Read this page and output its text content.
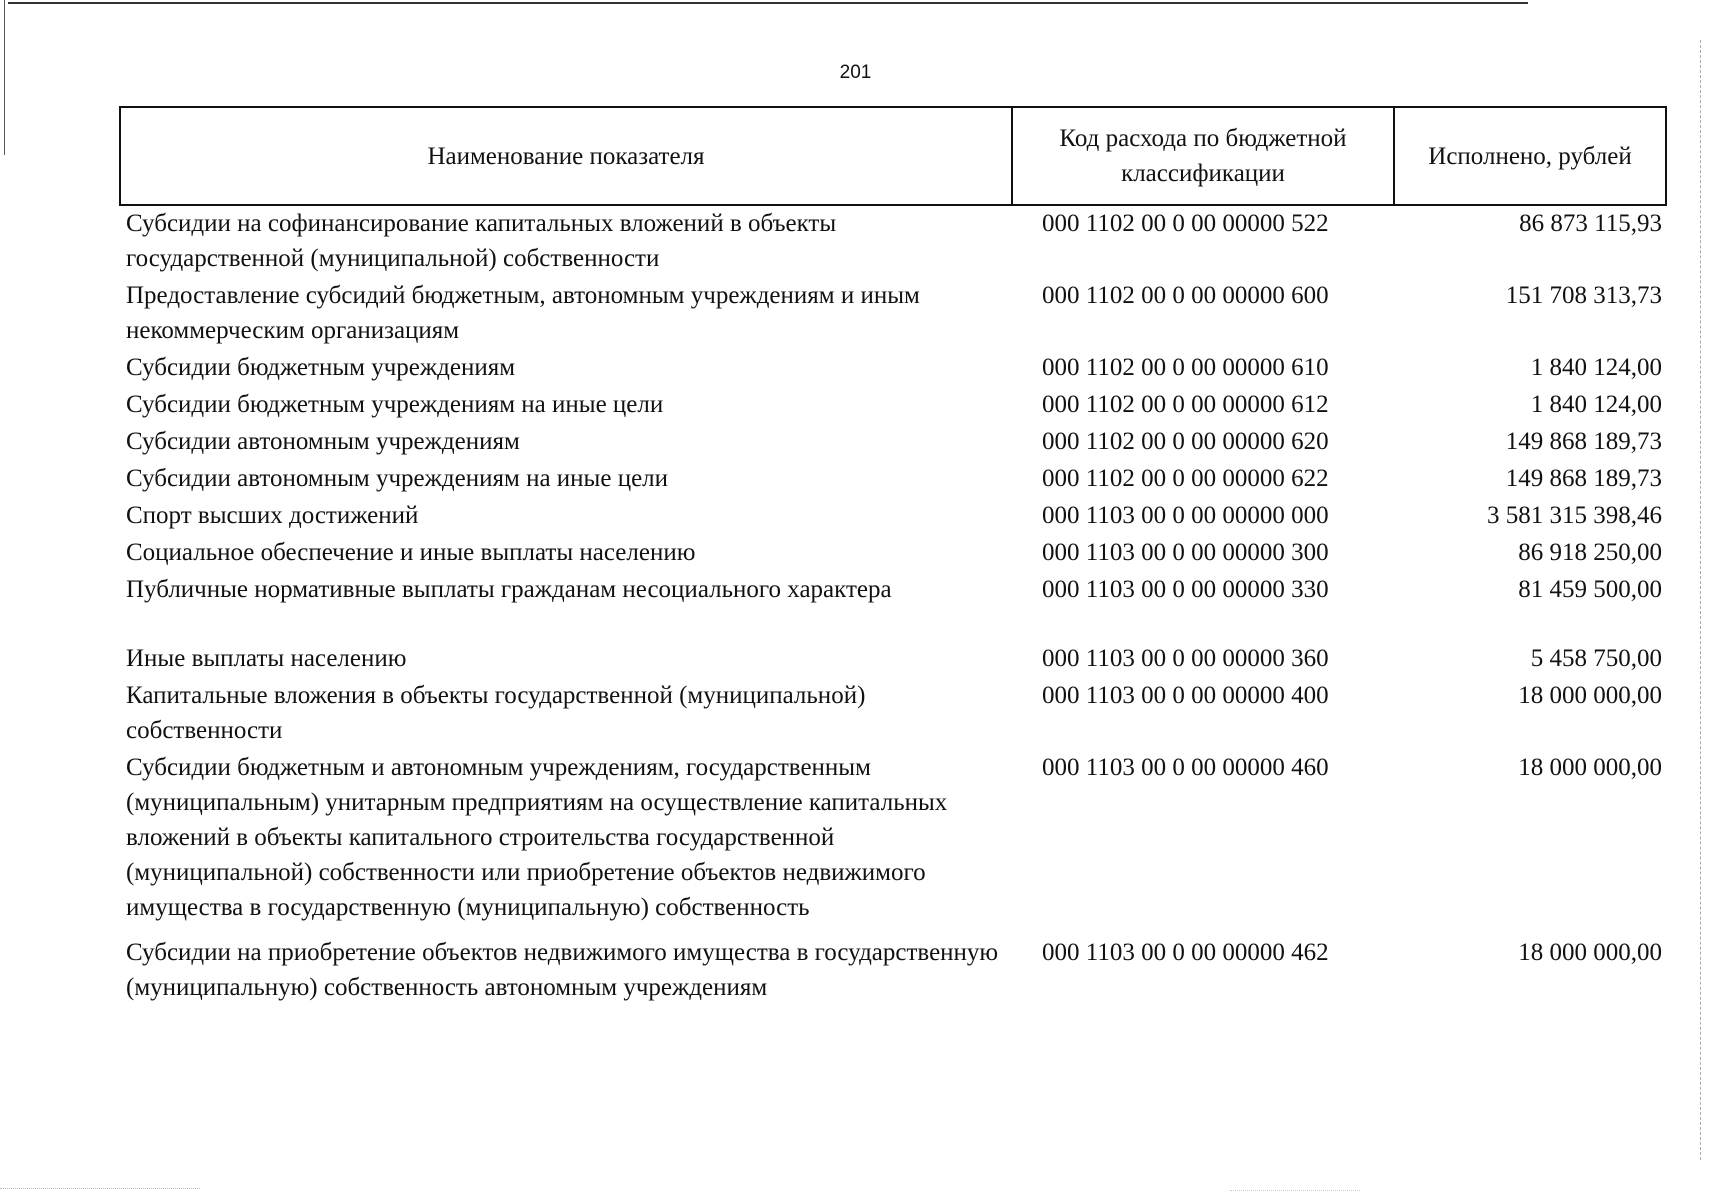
201
Наименование показателя	Код расхода по бюджетной классификации	Исполнено, рублей
Субсидии на софинансирование капитальных вложений в объекты государственной (муниципальной) собственности	000 1102 00 0 00 00000 522	86 873 115,93
Предоставление субсидий бюджетным, автономным учреждениям и иным некоммерческим организациям	000 1102 00 0 00 00000 600	151 708 313,73
Субсидии бюджетным учреждениям	000 1102 00 0 00 00000 610	1 840 124,00
Субсидии бюджетным учреждениям на иные цели	000 1102 00 0 00 00000 612	1 840 124,00
Субсидии автономным учреждениям	000 1102 00 0 00 00000 620	149 868 189,73
Субсидии автономным учреждениям на иные цели	000 1102 00 0 00 00000 622	149 868 189,73
Спорт высших достижений	000 1103 00 0 00 00000 000	3 581 315 398,46
Социальное обеспечение и иные выплаты населению	000 1103 00 0 00 00000 300	86 918 250,00
Публичные нормативные выплаты гражданам несоциального характера	000 1103 00 0 00 00000 330	81 459 500,00

Иные выплаты населению	000 1103 00 0 00 00000 360	5 458 750,00
Капитальные вложения в объекты государственной (муниципальной) собственности	000 1103 00 0 00 00000 400	18 000 000,00
Субсидии бюджетным и автономным учреждениям, государственным (муниципальным) унитарным предприятиям на осуществление капитальных вложений в объекты капитального строительства государственной (муниципальной) собственности или приобретение объектов недвижимого имущества в государственную (муниципальную) собственность	000 1103 00 0 00 00000 460	18 000 000,00
Субсидии на приобретение объектов недвижимого имущества в государственную (муниципальную) собственность автономным учреждениям	000 1103 00 0 00 00000 462	18 000 000,00
